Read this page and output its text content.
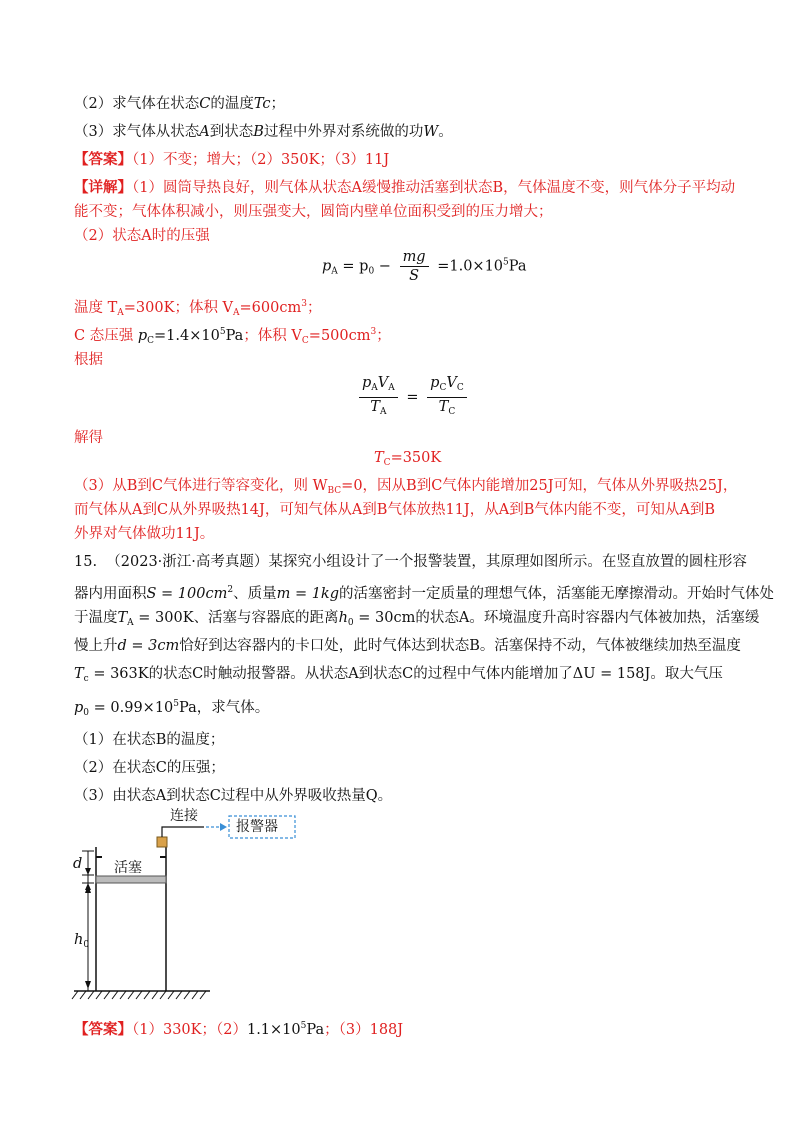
（2）求气体在状态C的温度Tc；
（3）求气体从状态A到状态B过程中外界对系统做的功W。
【答案】（1）不变；增大；（2）350K；（3）11J
【详解】（1）圆筒导热良好，则气体从状态A缓慢推动活塞到状态B，气体温度不变，则气体分子平均动
能不变；气体体积减小，则压强变大，圆筒内壁单位面积受到的压力增大；
（2）状态A时的压强
$p_A = p_0 - \frac{mg}{S} =1.0\times 10^5Pa$
温度 $T_A=300K$；体积 $V_A=600cm^3$；
C 态压强 $p_C=1.4\times 10^5Pa$；体积 $V_C=500cm^3$；
根据
$\frac{p_AV_A}{T_A} = \frac{p_CV_C}{T_C}$
解得
$T_C=350K$
（3）从B到C气体进行等容变化，则 $W_{BC}=0$，因从B到C气体内能增加25J可知，气体从外界吸热25J，
而气体从A到C从外界吸热14J，可知气体从A到B气体放热11J，从A到B气体内能不变，可知从A到B
外界对气体做功11J。
15. （2023·浙江·高考真题）某探究小组设计了一个报警装置，其原理如图所示。在竖直放置的圆柱形容
器内用面积$S = 100cm^2$、质量m = 1kg的活塞密封一定质量的理想气体，活塞能无摩擦滑动。开始时气体处
于温度$T_A = 300K$、活塞与容器底的距离$h_0 = 30cm$的状态A。环境温度升高时容器内气体被加热，活塞缓
慢上升d = 3cm恰好到达容器内的卡口处，此时气体达到状态B。活塞保持不动，气体被继续加热至温度
$T_c = 363K$的状态C时触动报警器。从状态A到状态C的过程中气体内能增加了ΔU = 158J。取大气压
$p_0 = 0.99\times 10^5Pa$，求气体。
（1）在状态B的温度；
（2）在状态C的压强；
（3）由状态A到状态C过程中从外界吸收热量Q。
连接
报警器
活塞
d
$h_0$
【答案】（1）330K；$(2)1.1\times 10^5Pa$；（3）188J
